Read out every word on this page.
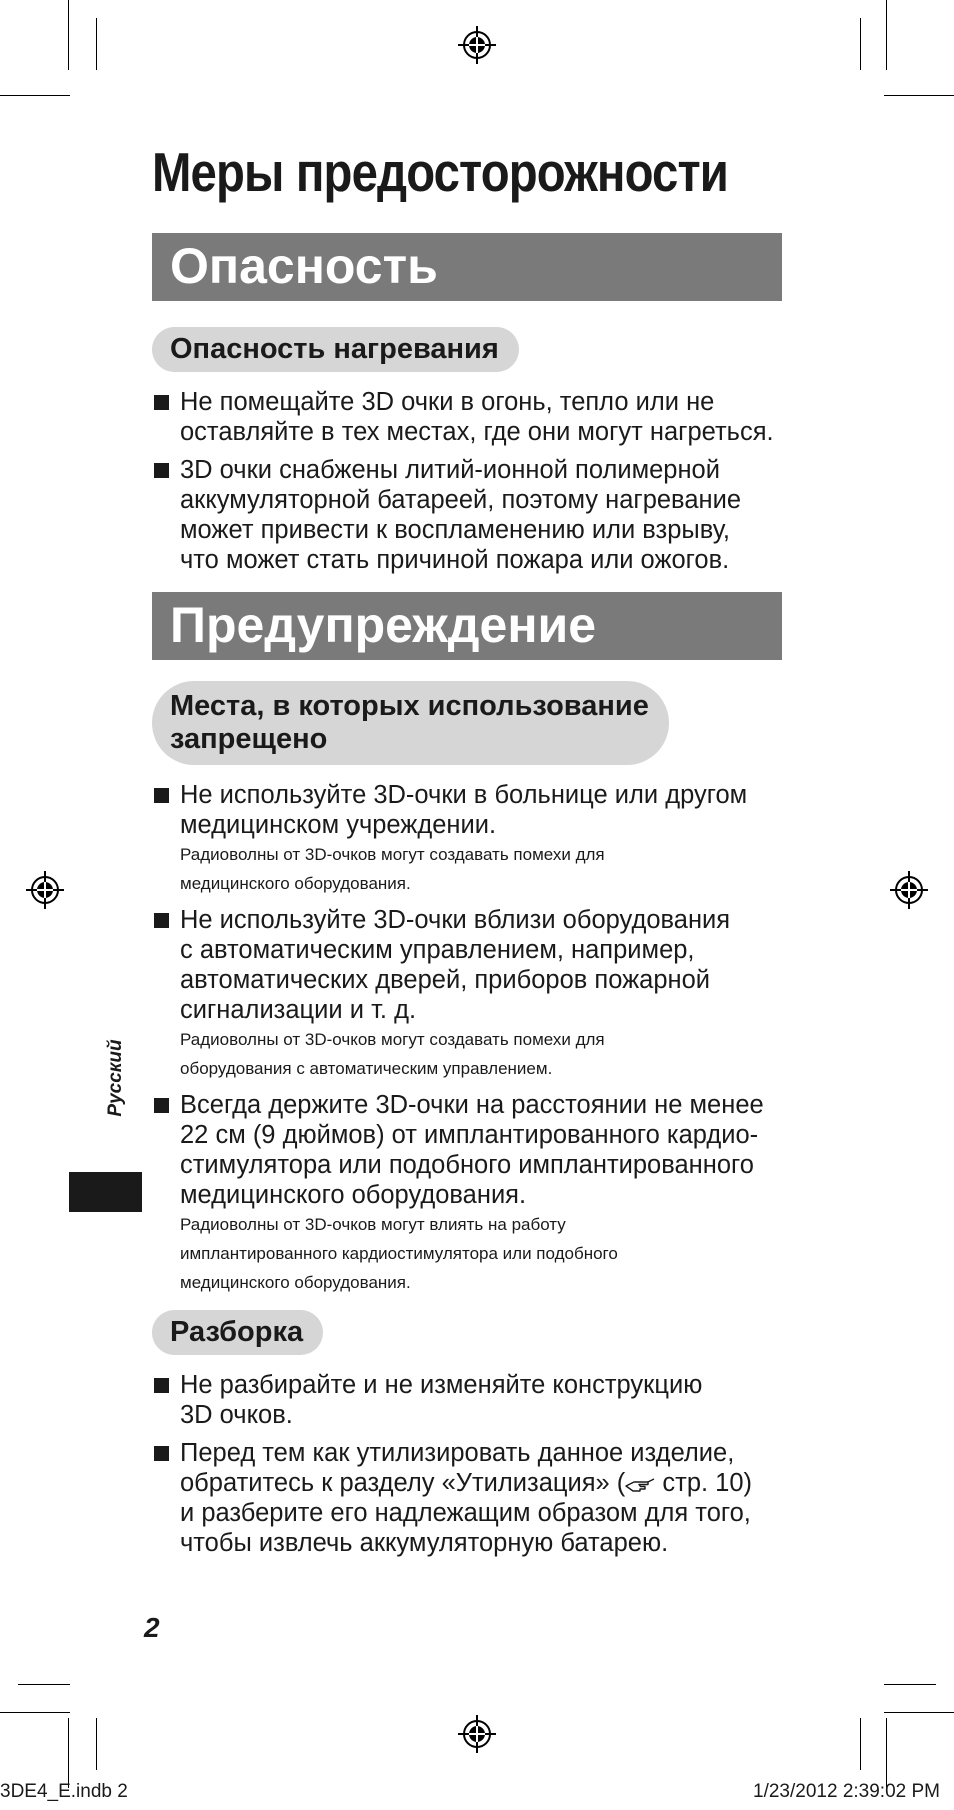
Меры предосторожности
Опасность
Опасность нагревания
Не помещайте 3D очки в огонь, тепло или не
оставляйте в тех местах, где они могут нагреться.
3D очки снабжены литий-ионной полимерной
аккумуляторной батареей, поэтому нагревание
может привести к воспламенению или взрыву,
что может стать причиной пожара или ожогов.
Предупреждение
Места, в которых использование
запрещено
Не используйте 3D-очки в больнице или другом
медицинском учреждении.
Радиоволны от 3D-очков могут создавать помехи для
медицинского оборудования.
Не используйте 3D-очки вблизи оборудования
с автоматическим управлением, например,
автоматических дверей, приборов пожарной
сигнализации и т. д.
Радиоволны от 3D-очков могут создавать помехи для
оборудования с автоматическим управлением.
Всегда держите 3D-очки на расстоянии не менее
22 см (9 дюймов) от имплантированного кардио-
стимулятора или подобного имплантированного
медицинского оборудования.
Радиоволны от 3D-очков могут влиять на работу
имплантированного кардиостимулятора или подобного
медицинского оборудования.
Разборка
Не разбирайте и не изменяйте конструкцию
3D очков.
Перед тем как утилизировать данное изделие,
обратитесь к разделу «Утилизация» ( стр. 10)
и разберите его надлежащим образом для того,
чтобы извлечь аккумуляторную батарею.
Русский
2
3DE4_E.indb 2	1/23/2012 2:39:02 PM
